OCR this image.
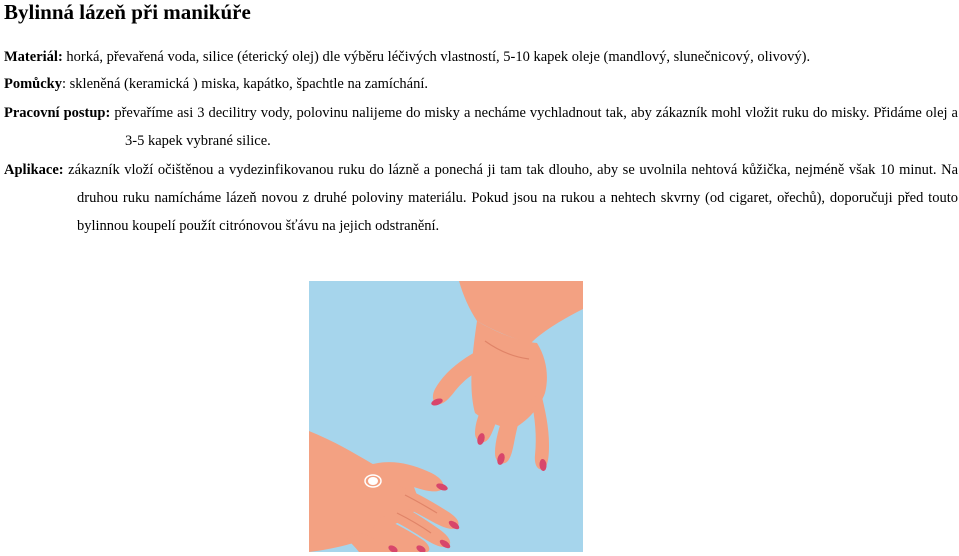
Bylinná lázeň při manikúře

Materiál: horká, převařená voda, silice (éterický olej) dle výběru léčivých vlastností, 5-10 kapek oleje (mandlový, slunečnicový, olivový).

Pomůcky: skleněná (keramická ) miska, kapátko, špachtle na zamíchání.

Pracovní postup: převaříme asi 3 decilitry vody, polovinu nalijeme do misky a necháme vychladnout tak, aby zákazník mohl vložit ruku do misky. Přidáme olej a 3-5 kapek vybrané silice.

Aplikace: zákazník vloží očištěnou a vydezinfikovanou ruku do lázně a ponechá ji tam tak dlouho, aby se uvolnila nehtová kůžička, nejméně však 10 minut. Na druhou ruku namícháme lázeň novou z druhé poloviny materiálu. Pokud jsou na rukou a nehtech skvrny (od cigaret, ořechů), doporučuji před touto bylinnou koupelí použít citrónovou šťávu na jejich odstranění.
